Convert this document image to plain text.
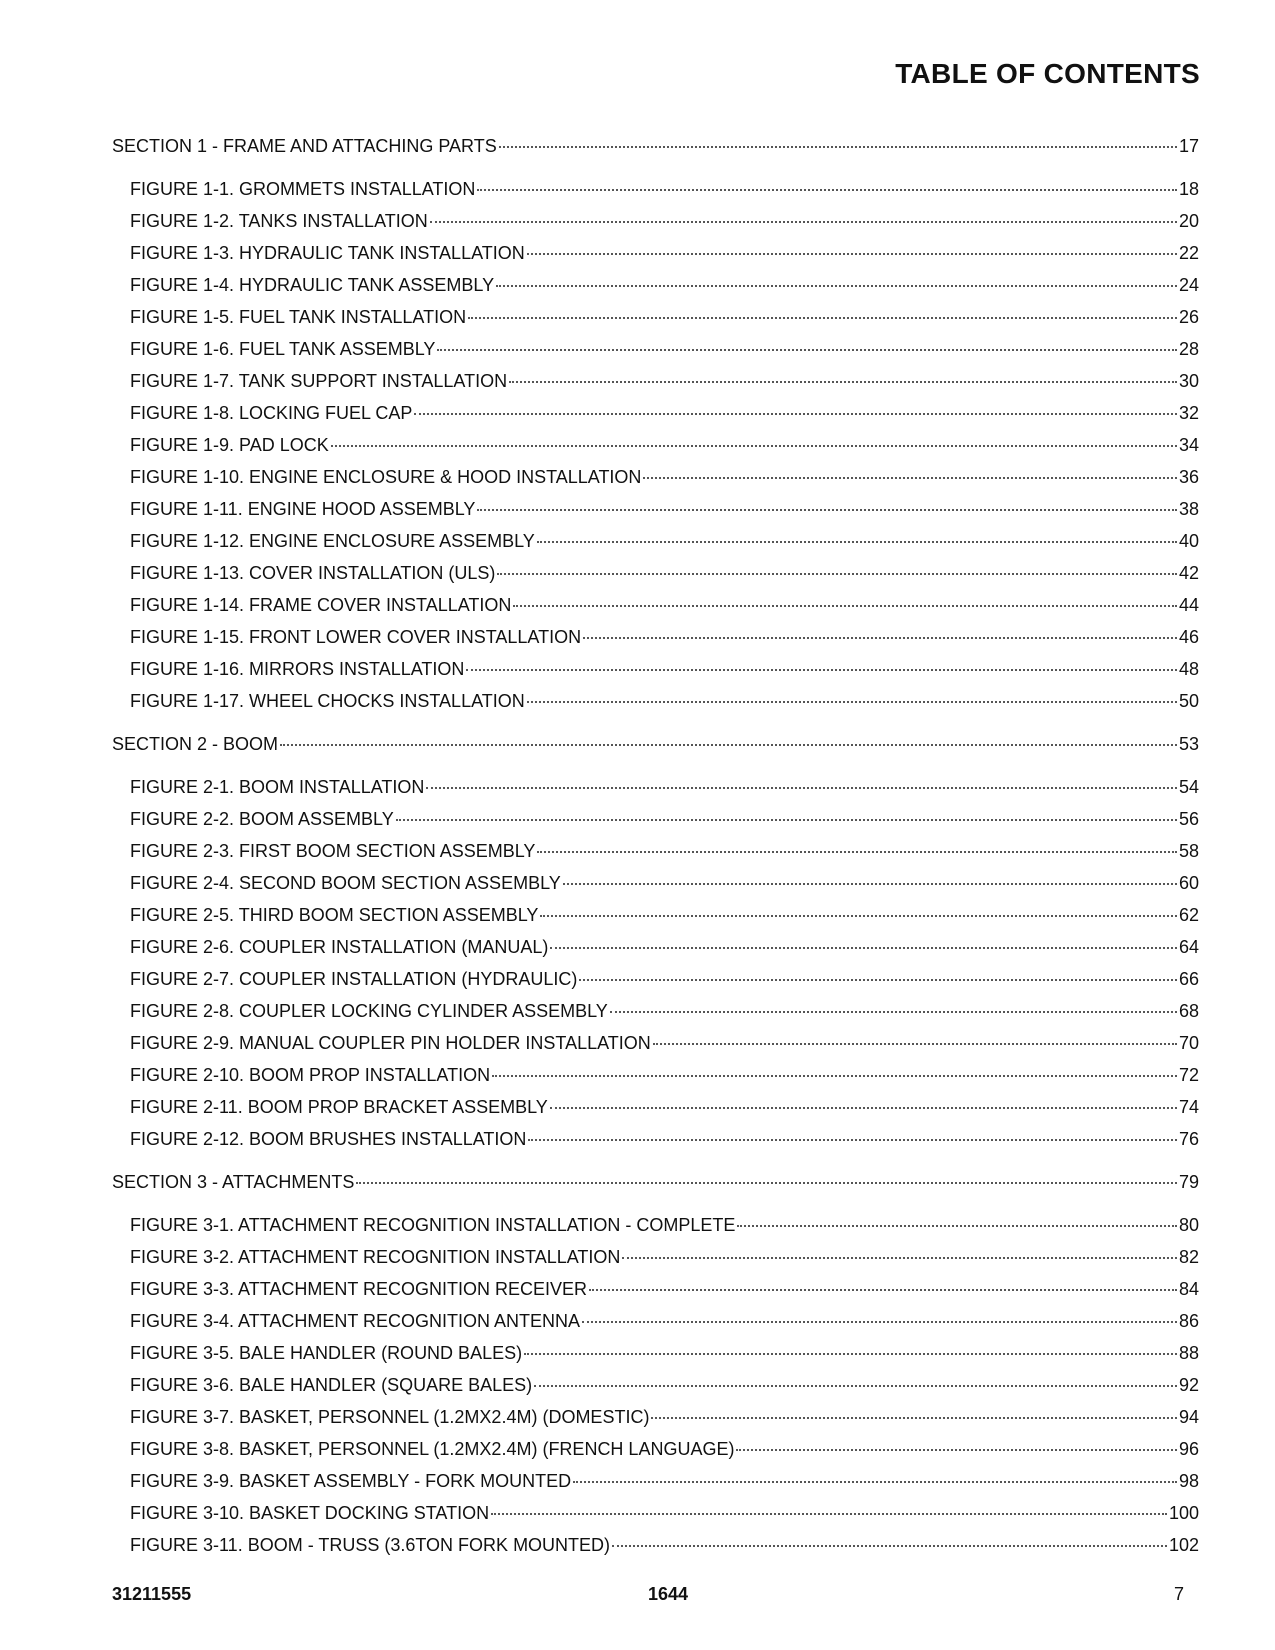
TABLE OF CONTENTS
SECTION 1 - FRAME AND ATTACHING PARTS	17
FIGURE 1-1. GROMMETS INSTALLATION	18
FIGURE 1-2. TANKS INSTALLATION	20
FIGURE 1-3. HYDRAULIC TANK INSTALLATION	22
FIGURE 1-4. HYDRAULIC TANK ASSEMBLY	24
FIGURE 1-5. FUEL TANK INSTALLATION	26
FIGURE 1-6. FUEL TANK ASSEMBLY	28
FIGURE 1-7. TANK SUPPORT INSTALLATION	30
FIGURE 1-8. LOCKING FUEL CAP	32
FIGURE 1-9. PAD LOCK	34
FIGURE 1-10. ENGINE ENCLOSURE & HOOD INSTALLATION	36
FIGURE 1-11. ENGINE HOOD ASSEMBLY	38
FIGURE 1-12. ENGINE ENCLOSURE ASSEMBLY	40
FIGURE 1-13. COVER INSTALLATION (ULS)	42
FIGURE 1-14. FRAME COVER INSTALLATION	44
FIGURE 1-15. FRONT LOWER COVER INSTALLATION	46
FIGURE 1-16. MIRRORS INSTALLATION	48
FIGURE 1-17. WHEEL CHOCKS INSTALLATION	50
SECTION 2 - BOOM	53
FIGURE 2-1. BOOM INSTALLATION	54
FIGURE 2-2. BOOM ASSEMBLY	56
FIGURE 2-3. FIRST BOOM SECTION ASSEMBLY	58
FIGURE 2-4. SECOND BOOM SECTION ASSEMBLY	60
FIGURE 2-5. THIRD BOOM SECTION ASSEMBLY	62
FIGURE 2-6. COUPLER INSTALLATION (MANUAL)	64
FIGURE 2-7. COUPLER INSTALLATION (HYDRAULIC)	66
FIGURE 2-8. COUPLER LOCKING CYLINDER ASSEMBLY	68
FIGURE 2-9. MANUAL COUPLER PIN HOLDER INSTALLATION	70
FIGURE 2-10. BOOM PROP INSTALLATION	72
FIGURE 2-11. BOOM PROP BRACKET ASSEMBLY	74
FIGURE 2-12. BOOM BRUSHES INSTALLATION	76
SECTION 3 - ATTACHMENTS	79
FIGURE 3-1. ATTACHMENT RECOGNITION INSTALLATION - COMPLETE	80
FIGURE 3-2. ATTACHMENT RECOGNITION INSTALLATION	82
FIGURE 3-3. ATTACHMENT RECOGNITION RECEIVER	84
FIGURE 3-4. ATTACHMENT RECOGNITION ANTENNA	86
FIGURE 3-5. BALE HANDLER (ROUND BALES)	88
FIGURE 3-6. BALE HANDLER (SQUARE BALES)	92
FIGURE 3-7. BASKET, PERSONNEL (1.2MX2.4M) (DOMESTIC)	94
FIGURE 3-8. BASKET, PERSONNEL (1.2MX2.4M) (FRENCH LANGUAGE)	96
FIGURE 3-9. BASKET ASSEMBLY - FORK MOUNTED	98
FIGURE 3-10. BASKET DOCKING STATION	100
FIGURE 3-11. BOOM - TRUSS (3.6TON FORK MOUNTED)	102
31211555	1644	7
